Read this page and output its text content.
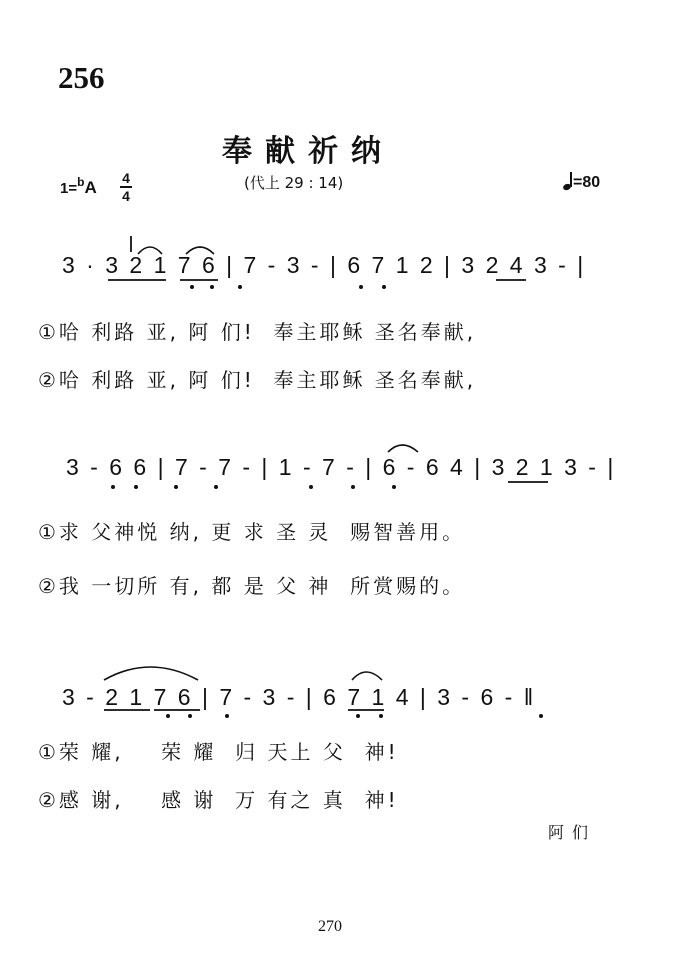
256
奉献祈纳
1=$^b$A 4
4
(代上 29 : 14)	=80
3 · 3 2 1 7 6 | 7 - 3 - | 6 7 1 2 | 3 2 4 3 - |
①哈 利路 亚, 阿 们!  奉主耶稣 圣名奉献,
②哈 利路 亚, 阿 们!  奉主耶稣 圣名奉献,
3 - 6 6 | 7 - 7 - | 1 - 7 - | 6 - 6 4 | 3 2 1 3 - |
①求 父神悦 纳, 更 求 圣 灵  赐智善用。
②我 一切所 有, 都 是 父 神  所赏赐的。
3 - 2 1 7 6 | 7 - 3 - | 6 7 1 4 | 3 - 6 - ‖
①荣 耀,    荣 耀  归 天上 父  神!
②感 谢,    感 谢  万 有之 真  神!
阿们
270
